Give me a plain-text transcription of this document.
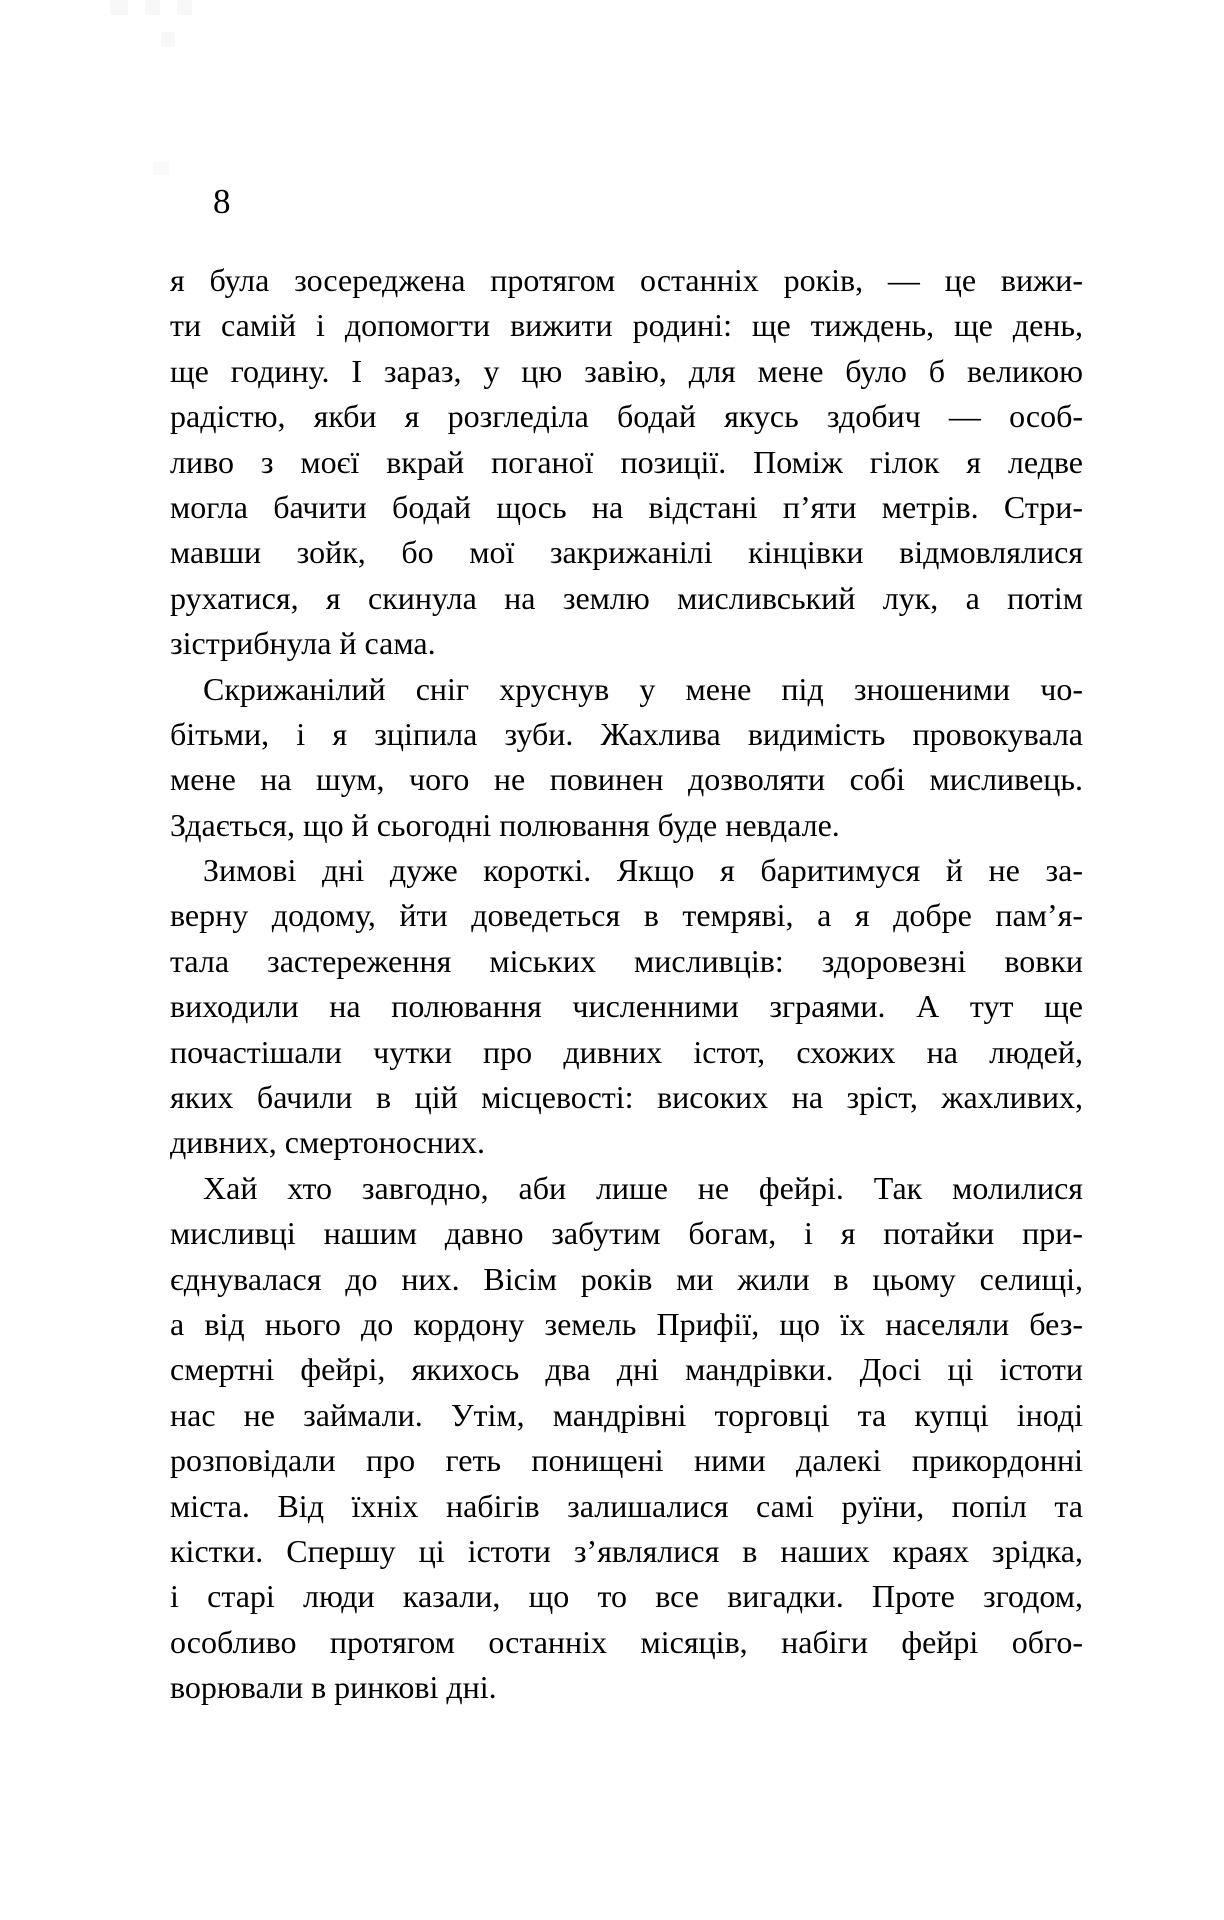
8
я була зосереджена протягом останніх років, — це вижи-
ти самій і допомогти вижити родині: ще тиждень, ще день,
ще годину. І зараз, у цю завію, для мене було б великою
радістю, якби я розгледіла бодай якусь здобич — особ-
ливо з моєї вкрай поганої позиції. Поміж гілок я ледве
могла бачити бодай щось на відстані п’яти метрів. Стри-
мавши зойк, бо мої закрижанілі кінцівки відмовлялися
рухатися, я скинула на землю мисливський лук, а потім
зістрибнула й сама.
Скрижанілий сніг хруснув у мене під зношеними чо-
бітьми, і я зціпила зуби. Жахлива видимість провокувала
мене на шум, чого не повинен дозволяти собі мисливець.
Здається, що й сьогодні полювання буде невдале.
Зимові дні дуже короткі. Якщо я баритимуся й не за-
верну додому, йти доведеться в темряві, а я добре пам’я-
тала застереження міських мисливців: здоровезні вовки
виходили на полювання численними зграями. А тут ще
почастішали чутки про дивних істот, схожих на людей,
яких бачили в цій місцевості: високих на зріст, жахливих,
дивних, смертоносних.
Хай хто завгодно, аби лише не фейрі. Так молилися
мисливці нашим давно забутим богам, і я потайки при-
єднувалася до них. Вісім років ми жили в цьому селищі,
а від нього до кордону земель Прифії, що їх населяли без-
смертні фейрі, якихось два дні мандрівки. Досі ці істоти
нас не займали. Утім, мандрівні торговці та купці іноді
розповідали про геть понищені ними далекі прикордонні
міста. Від їхніх набігів залишалися самі руїни, попіл та
кістки. Спершу ці істоти з’являлися в наших краях зрідка,
і старі люди казали, що то все вигадки. Проте згодом,
особливо протягом останніх місяців, набіги фейрі обго-
ворювали в ринкові дні.
